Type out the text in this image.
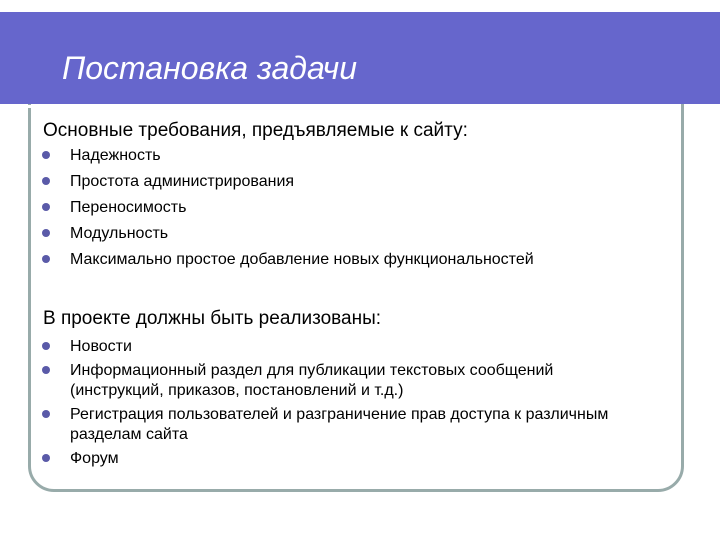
Постановка задачи
Основные требования, предъявляемые к сайту:
Надежность
Простота администрирования
Переносимость
Модульность
Максимально простое добавление новых функциональностей
В проекте должны быть реализованы:
Новости
Информационный раздел для публикации текстовых сообщений (инструкций, приказов, постановлений и т.д.)
Регистрация пользователей и разграничение прав доступа к различным разделам сайта
Форум
